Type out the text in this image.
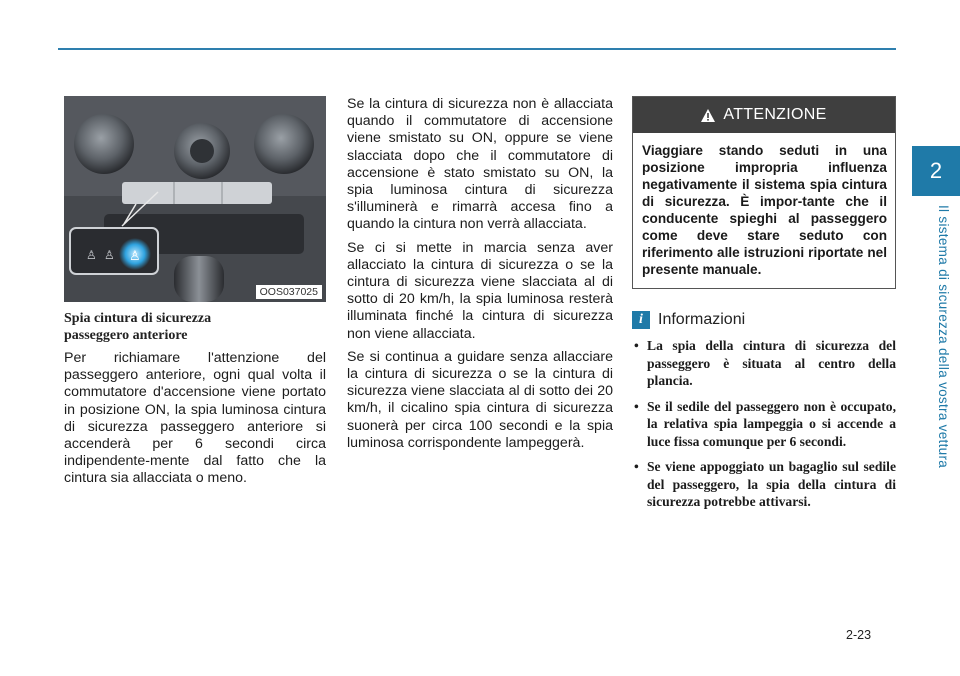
2
Il sistema di sicurezza della vostra vettura
♙ ♙ ♙
OOS037025
Spia cintura di sicurezza
passeggero anteriore

Per richiamare l'attenzione del passeggero anteriore, ogni qual volta il commutatore d'accensione viene portato in posizione ON, la spia luminosa cintura di sicurezza passeggero anteriore si accenderà per 6 secondi circa indipendente-mente dal fatto che la cintura sia allacciata o meno.

Se la cintura di sicurezza non è allacciata quando il commutatore di accensione viene smistato su ON, oppure se viene slacciata dopo che il commutatore di accensione è stato smistato su ON, la spia luminosa cintura di sicurezza s'illuminerà e rimarrà accesa fino a quando la cintura non verrà allacciata.

Se ci si mette in marcia senza aver allacciato la cintura di sicurezza o se la cintura di sicurezza viene slacciata al di sotto di 20 km/h, la spia luminosa resterà illuminata finché la cintura di sicurezza non viene allacciata.

Se si continua a guidare senza allacciare la cintura di sicurezza o se la cintura di sicurezza viene slacciata al di sotto dei 20 km/h, il cicalino spia cintura di sicurezza suonerà per circa 100 secondi e la spia luminosa corrispondente lampeggerà.

ATTENZIONE
Viaggiare stando seduti in una posizione impropria influenza negativamente il sistema spia cintura di sicurezza. È impor-tante che il conducente spieghi al passeggero come deve stare seduto con riferimento alle istruzioni riportate nel presente manuale.
i Informazioni
• La spia della cintura di sicurezza del passeggero è situata al centro della plancia.
• Se il sedile del passeggero non è occupato, la relativa spia lampeggia o si accende a luce fissa comunque per 6 secondi.
• Se viene appoggiato un bagaglio sul sedile del passeggero, la spia della cintura di sicurezza potrebbe attivarsi.
2-23
